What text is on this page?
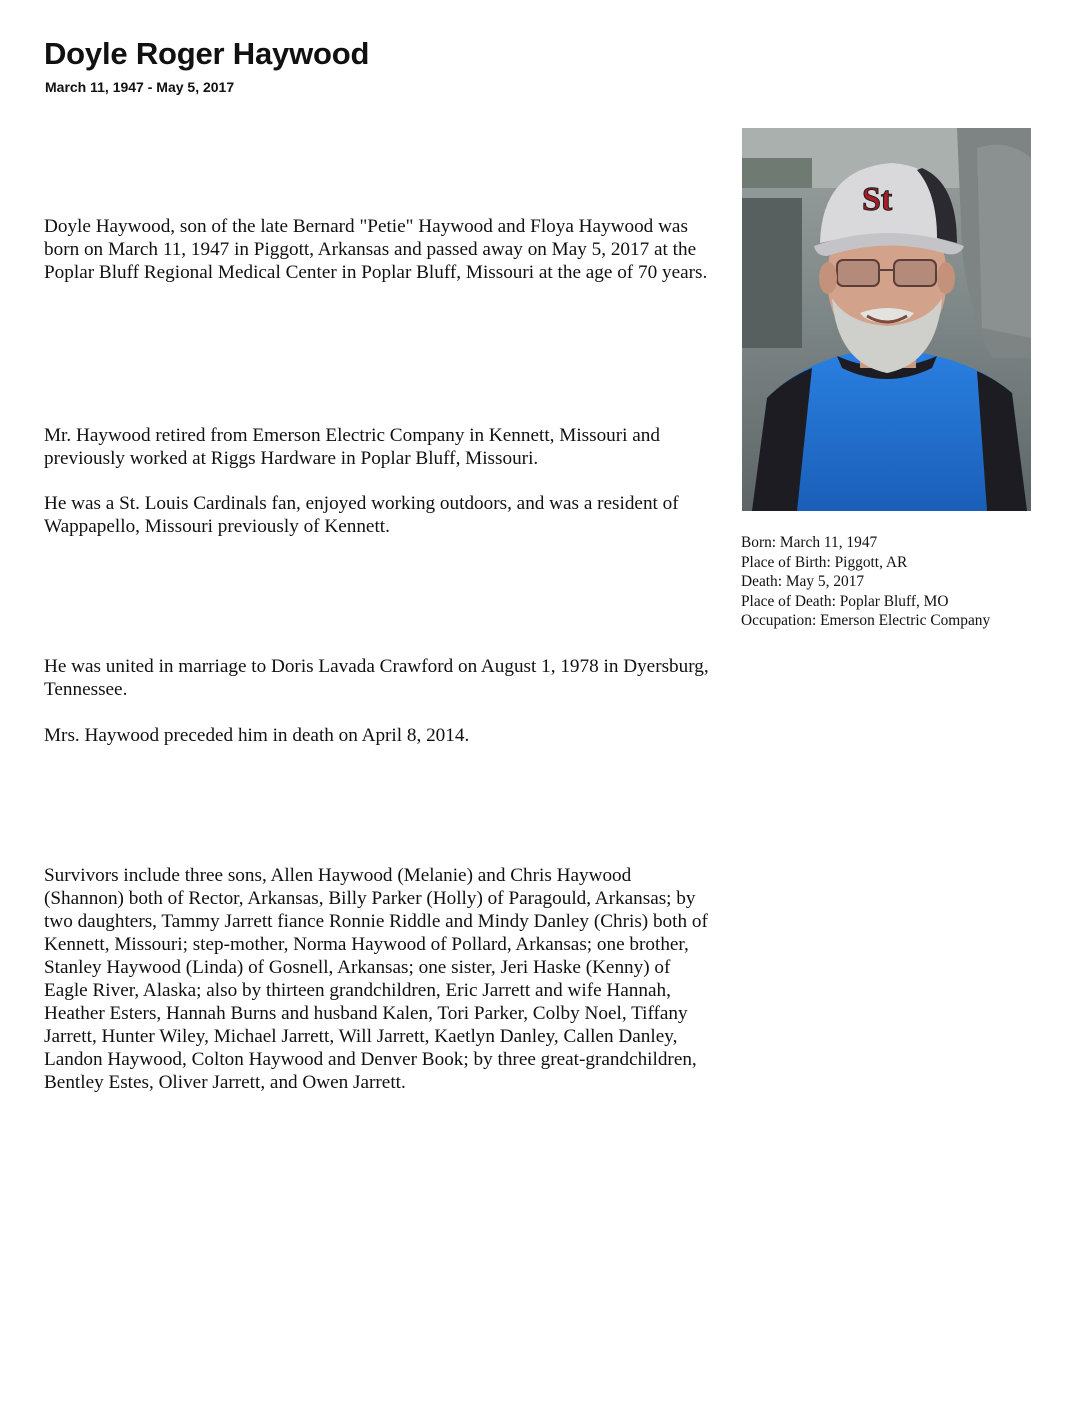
Doyle Roger Haywood
March 11, 1947 - May 5, 2017

Doyle Haywood, son of the late Bernard "Petie" Haywood and Floya Haywood was born on March 11, 1947 in Piggott, Arkansas and passed away on May 5, 2017 at the Poplar Bluff Regional Medical Center in Poplar Bluff, Missouri at the age of 70 years.

Mr. Haywood retired from Emerson Electric Company in Kennett, Missouri and previously worked at Riggs Hardware in Poplar Bluff, Missouri.

He was a St. Louis Cardinals fan, enjoyed working outdoors, and was a resident of Wappapello, Missouri previously of Kennett.

He was united in marriage to Doris Lavada Crawford on August 1, 1978 in Dyersburg, Tennessee.

Mrs. Haywood preceded him in death on April 8, 2014.

Survivors include three sons, Allen Haywood (Melanie) and Chris Haywood (Shannon) both of Rector, Arkansas, Billy Parker (Holly) of Paragould, Arkansas; by two daughters, Tammy Jarrett fiance Ronnie Riddle and Mindy Danley (Chris) both of Kennett, Missouri; step-mother, Norma Haywood of Pollard, Arkansas; one brother, Stanley Haywood (Linda) of Gosnell, Arkansas; one sister, Jeri Haske (Kenny) of Eagle River, Alaska; also by thirteen grandchildren, Eric Jarrett and wife Hannah, Heather Esters, Hannah Burns and husband Kalen, Tori Parker, Colby Noel, Tiffany Jarrett, Hunter Wiley, Michael Jarrett, Will Jarrett, Kaetlyn Danley, Callen Danley, Landon Haywood, Colton Haywood and Denver Book; by three great-grandchildren, Bentley Estes, Oliver Jarrett, and Owen Jarrett.

St
Born: March 11, 1947
Place of Birth: Piggott, AR
Death: May 5, 2017
Place of Death: Poplar Bluff, MO
Occupation: Emerson Electric Company
